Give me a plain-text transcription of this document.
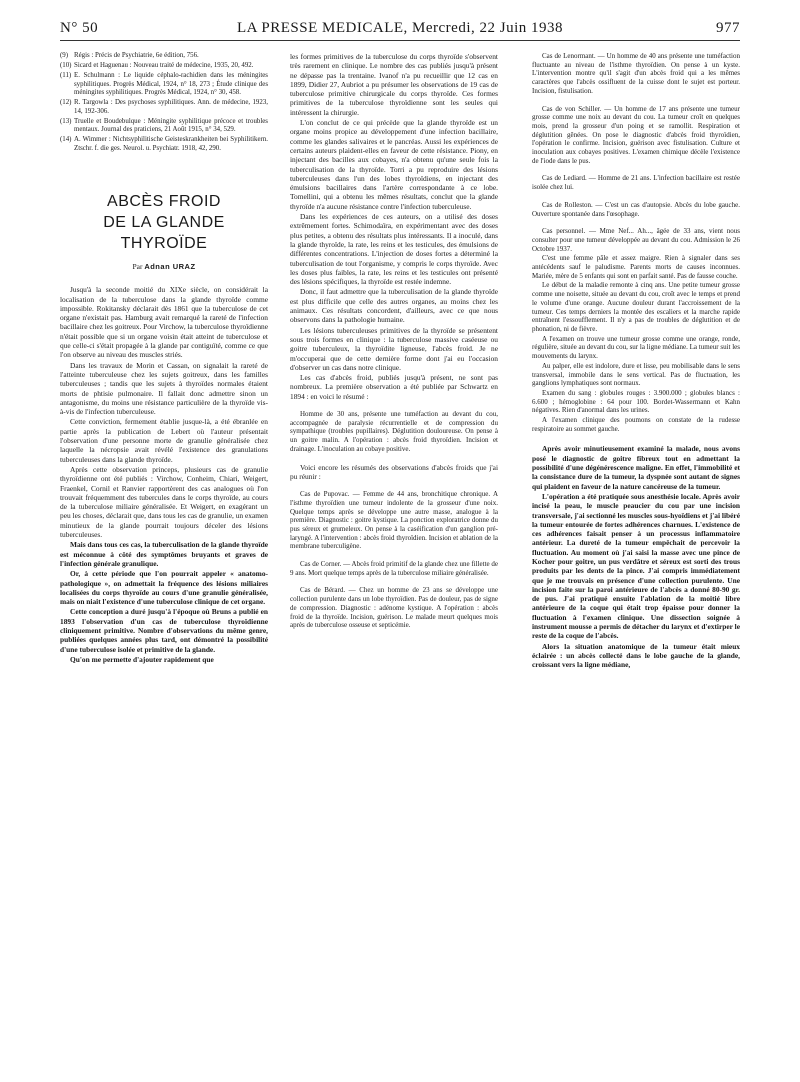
N° 50	LA PRESSE MEDICALE, Mercredi, 22 Juin 1938	977

(9) Régis : Précis de Psychiatrie, 6e édition, 756.

(10) Sicard et Haguenau : Nouveau traité de médecine, 1935, 20, 492.

(11) E. Schulmann : Le liquide céphalo-rachidien dans les méningites syphilitiques. Progrès Médical, 1924, n° 18, 273 ; Étude clinique des méningites syphilitiques. Progrès Médical, 1924, n° 30, 458.

(12) R. Targowla : Des psychoses syphilitiques. Ann. de médecine, 1923, 14, 192-306.

(13) Truelle et Boudebulque : Méningite syphilitique précoce et troubles mentaux. Journal des praticiens, 21 Août 1915, n° 34, 529.

(14) A. Wimmer : Nichtsyphilitische Geisteskrankheiten bei Syphilitikern. Ztschr. f. die ges. Neurol. u. Psychiatr. 1918, 42, 290.

ABCÈS FROID
DE LA GLANDE THYROÏDE
Par Adnan URAZ

Jusqu'à la seconde moitié du XIXe siècle, on considérait la localisation de la tuberculose dans la glande thyroïde comme impossible. Rokitansky déclarait dès 1861 que la tuberculose de cet organe n'existait pas. Hamburg avait remarqué la rareté de l'infection bacillaire chez les goitreux. Pour Virchow, la tuberculose thyroïdienne n'était possible que si un organe voisin était atteint de tuberculose et que celle-ci s'était propagée à la glande par contiguïté, comme ce que l'on observe au niveau des muscles striés.

Dans les travaux de Morin et Cassan, on signalait la rareté de l'atteinte tuberculeuse chez les sujets goitreux, dans les familles tuberculeuses ; tandis que les sujets à thyroïdes normales étaient morts de phtisie pulmonaire. Il fallait donc admettre sinon un antagonisme, du moins une résistance particulière de la thyroïde vis-à-vis de l'infection tuberculeuse.

Cette conviction, fermement établie jusque-là, a été ébranlée en partie après la publication de Lebert où l'auteur présentait l'observation d'une personne morte de granulie généralisée chez laquelle la nécropsie avait révélé l'existence des granulations tuberculeuses dans la glande thyroïde.

Après cette observation princeps, plusieurs cas de granulie thyroïdienne ont été publiés : Virchow, Conheim, Chiari, Weigert, Fraenkel, Cornil et Ranvier rapportèrent des cas analogues où l'on trouvait fréquemment des tubercules dans le corps thyroïde, au cours de la tuberculose miliaire généralisée. Et Weigert, en exagérant un peu les choses, déclarait que, dans tous les cas de granulie, un examen minutieux de la glande pourrait toujours déceler des lésions tuberculeuses.

Mais dans tous ces cas, la tuberculisation de la glande thyroïde est méconnue à côté des symptômes bruyants et graves de l'infection générale granulique.

Or, à cette période que l'on pourrait appeler « anatomo-pathologique », on admettait la fréquence des lésions miliaires localisées du corps thyroïde au cours d'une granulie généralisée, mais on niait l'existence d'une tuberculose clinique de cet organe.

Cette conception a duré jusqu'à l'époque où Bruns a publié en 1893 l'observation d'un cas de tuberculose thyroïdienne cliniquement primitive. Nombre d'observations du même genre, publiées quelques années plus tard, ont démontré la possibilité d'une tuberculose isolée et primitive de la glande.

Qu'on me permette d'ajouter rapidement que

les formes primitives de la tuberculose du corps thyroïde s'observent très rarement en clinique. Le nombre des cas publiés jusqu'à présent ne dépasse pas la trentaine. Ivanof n'a pu recueillir que 12 cas en 1899, Didier 27, Aubriot a pu présumer les observations de 19 cas de tuberculose primitive chirurgicale du corps thyroïde. Ces formes primitives de la tuberculose thyroïdienne sont les seules qui intéressent la chirurgie.

L'on conclut de ce qui précède que la glande thyroïde est un organe moins propice au développement d'une infection bacillaire, comme les glandes salivaires et le pancréas. Aussi les expériences de certains auteurs plaident-elles en faveur de cette résistance. Piony, en injectant des bacilles aux cobayes, n'a obtenu qu'une seule fois la tuberculisation de la thyroïde. Torri a pu reproduire des lésions tuberculeuses dans l'un des lobes thyroïdiens, en injectant des émulsions bacillaires dans l'artère correspondante à ce lobe. Tomellini, qui a obtenu les mêmes résultats, conclut que la glande thyroïde n'a aucune résistance contre l'infection tuberculeuse.

Dans les expériences de ces auteurs, on a utilisé des doses extrêmement fortes. Schimodaïra, en expérimentant avec des doses plus petites, a obtenu des résultats plus intéressants. Il a inoculé, dans la glande thyroïde, la rate, les reins et les testicules, des émulsions de différentes concentrations. L'injection de doses fortes a déterminé la tuberculisation de tout l'organisme, y compris le corps thyroïde. Avec les doses plus faibles, la rate, les reins et les testicules ont présenté des lésions spécifiques, la thyroïde est restée indemne.

Donc, il faut admettre que la tuberculisation de la glande thyroïde est plus difficile que celle des autres organes, au moins chez les animaux. Ces résultats concordent, d'ailleurs, avec ce que nous observons dans la pathologie humaine.

Les lésions tuberculeuses primitives de la thyroïde se présentent sous trois formes en clinique : la tuberculose massive caséeuse ou goitre tuberculeux, la thyroïdite ligneuse, l'abcès froid. Je ne m'occuperai que de cette dernière forme dont j'ai eu l'occasion d'observer un cas dans notre clinique.

Les cas d'abcès froid, publiés jusqu'à présent, ne sont pas nombreux. La première observation a été publiée par Schwartz en 1894 : en voici le résumé :

Homme de 30 ans, présente une tuméfaction au devant du cou, accompagnée de paralysie récurrentielle et de compression du sympathique (troubles pupillaires). Déglutition douloureuse. On pense à un goitre malin. A l'opération : abcès froid thyroïdien. Incision et drainage. L'inoculation au cobaye positive.

Voici encore les résumés des observations d'abcès froids que j'ai pu réunir :

Cas de Pupovac. — Femme de 44 ans, bronchitique chronique. A l'isthme thyroïdien une tumeur indolente de la grosseur d'une noix. Quelque temps après se développe une autre masse, analogue à la première. Diagnostic : goitre kystique. La ponction exploratrice donne du pus séreux et grumeleux. On pense à la caséification d'un ganglion pré-laryngé. A l'intervention : abcès froid thyroïdien. Incision et ablation de la membrane tuberculigène.

Cas de Corner. — Abcès froid primitif de la glande chez une fillette de 9 ans. Mort quelque temps après de la tuberculose miliaire généralisée.

Cas de Bérard. — Chez un homme de 23 ans se développe une collection purulente dans un lobe thyroïdien. Pas de douleur, pas de signe de compression. Diagnostic : adénome kystique. A l'opération : abcès froid de la thyroïde. Incision, guérison. Le malade meurt quelques mois après de tuberculose osseuse et septicémie.

Cas de Lenormant. — Un homme de 40 ans présente une tuméfaction fluctuante au niveau de l'isthme thyroïdien. On pense à un kyste. L'intervention montre qu'il s'agit d'un abcès froid qui a les mêmes caractères que l'abcès ossifluent de la cuisse dont le sujet est porteur. Incision, fistulisation.

Cas de von Schiller. — Un homme de 17 ans présente une tumeur grosse comme une noix au devant du cou. La tumeur croît en quelques mois, prend la grosseur d'un poing et se ramollit. Respiration et déglutition gênées. On pose le diagnostic d'abcès froid thyroïdien, l'opération le confirme. Incision, guérison avec fistulisation. Culture et inoculation aux cobayes positives. L'examen chimique décèle l'existence de l'iode dans le pus.

Cas de Lediard. — Homme de 21 ans. L'infection bacillaire est restée isolée chez lui.

Cas de Rolleston. — C'est un cas d'autopsie. Abcès du lobe gauche. Ouverture spontanée dans l'œsophage.

Cas personnel. — Mme Nef... Ah..., âgée de 33 ans, vient nous consulter pour une tumeur développée au devant du cou. Admission le 26 Octobre 1937.

C'est une femme pâle et assez maigre. Rien à signaler dans ses antécédents sauf le paludisme. Parents morts de causes inconnues. Mariée, mère de 5 enfants qui sont en parfait santé. Pas de fausse couche.

Le début de la maladie remonte à cinq ans. Une petite tumeur grosse comme une noisette, située au devant du cou, croît avec le temps et prend le volume d'une orange. Aucune douleur durant l'accroissement de la tumeur. Ces temps derniers la montée des escaliers et la marche rapide entraînent l'essoufflement. Il n'y a pas de troubles de déglutition et de phonation, ni de fièvre.

A l'examen on trouve une tumeur grosse comme une orange, ronde, régulière, située au devant du cou, sur la ligne médiane. La tumeur suit les mouvements du larynx.

Au palper, elle est indolore, dure et lisse, peu mobilisable dans le sens transversal, immobile dans le sens vertical. Pas de fluctuation, les ganglions lymphatiques sont normaux.

Examen du sang : globules rouges : 3.900.000 ; globules blancs : 6.600 ; hémoglobine : 64 pour 100. Bordet-Wassermann et Kahn négatives. Rien d'anormal dans les urines.

A l'examen clinique des poumons on constate de la rudesse respiratoire au sommet gauche.

Après avoir minutieusement examiné la malade, nous avons posé le diagnostic de goitre fibreux tout en admettant la possibilité d'une dégénérescence maligne. En effet, l'immobilité et la consistance dure de la tumeur, la dyspnée sont autant de signes qui plaident en faveur de la nature cancéreuse de la tumeur.

L'opération a été pratiquée sous anesthésie locale. Après avoir incisé la peau, le muscle peaucier du cou par une incision transversale, j'ai sectionné les muscles sous-hyoïdiens et j'ai libéré la tumeur entourée de fortes adhérences charnues. L'existence de ces adhérences faisait penser à un processus inflammatoire antérieur. La dureté de la tumeur empêchait de percevoir la fluctuation. Au moment où j'ai saisi la masse avec une pince de Kocher pour goitre, un pus verdâtre et séreux est sorti des trous produits par les dents de la pince. J'ai compris immédiatement que je me trouvais en présence d'une collection purulente. Une incision faite sur la paroi antérieure de l'abcès a donné 80-90 gr. de pus. J'ai pratiqué ensuite l'ablation de la moitié libre antérieure de la coque qui était trop épaisse pour donner la fluctuation à l'examen clinique. Une dissection soignée à instrument mousse a permis de détacher du larynx et d'extirper le reste de la coque de l'abcès.

Alors la situation anatomique de la tumeur était mieux éclairée : un abcès collecté dans le lobe gauche de la glande, croissant vers la ligne médiane,
